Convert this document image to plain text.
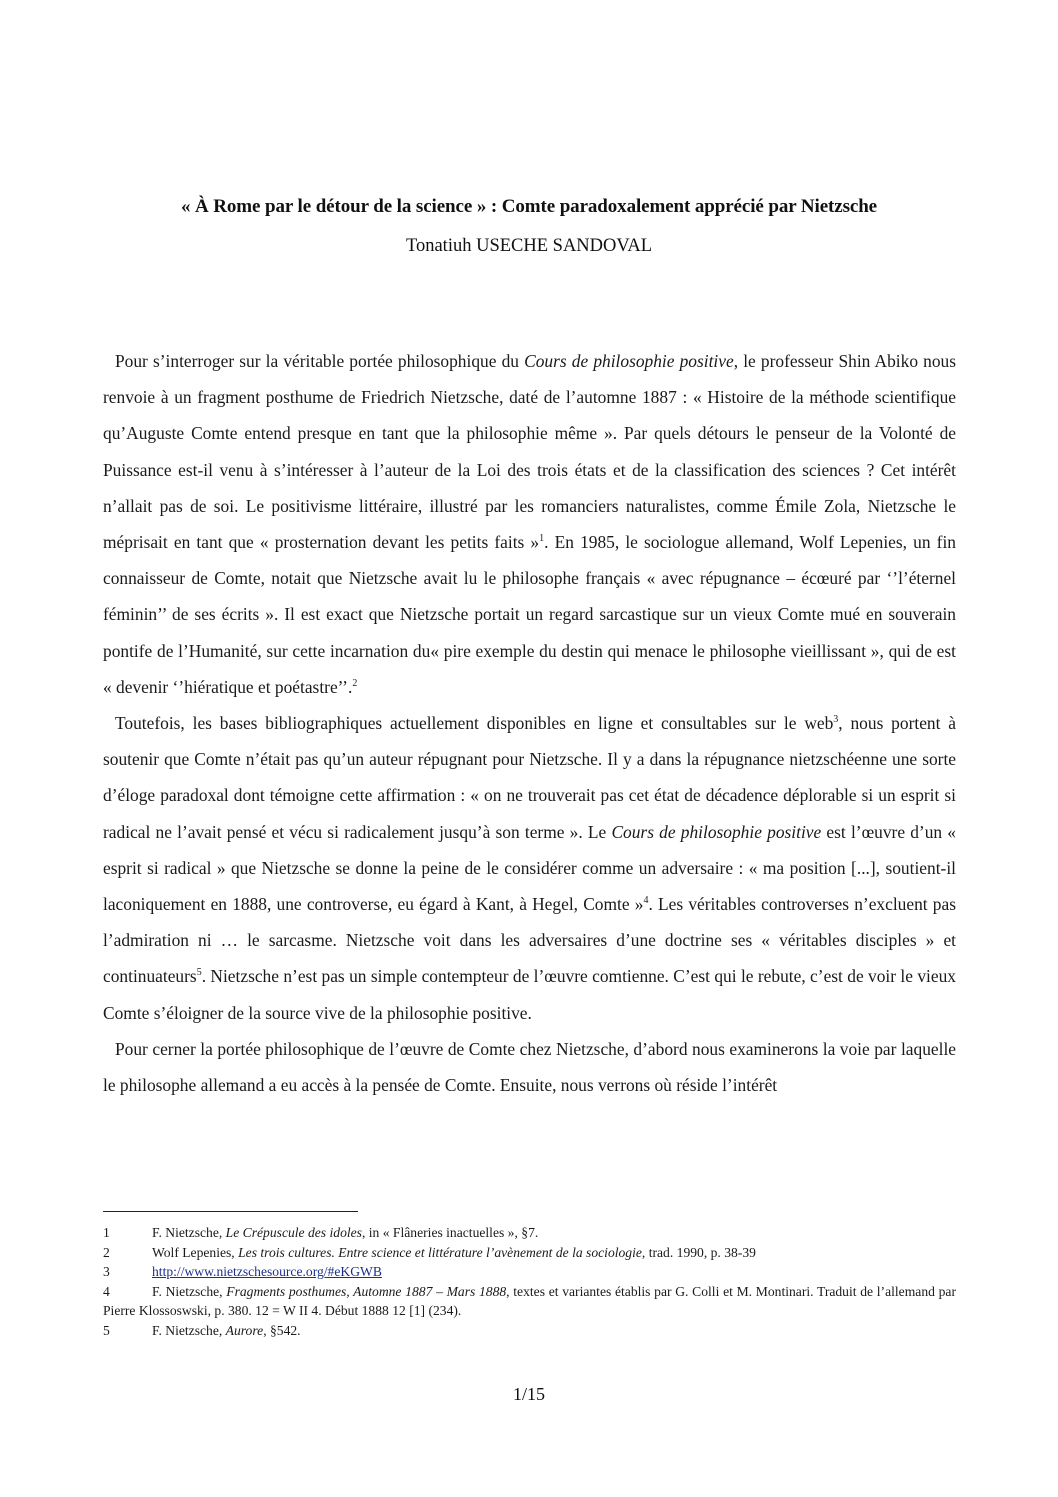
« À Rome par le détour de la science » : Comte paradoxalement apprécié par Nietzsche
Tonatiuh USECHE SANDOVAL

Pour s’interroger sur la véritable portée philosophique du Cours de philosophie positive, le professeur Shin Abiko nous renvoie à un fragment posthume de Friedrich Nietzsche, daté de l’automne 1887 : « Histoire de la méthode scientifique qu’Auguste Comte entend presque en tant que la philosophie même ». Par quels détours le penseur de la Volonté de Puissance est-il venu à s’intéresser à l’auteur de la Loi des trois états et de la classification des sciences ? Cet intérêt n’allait pas de soi. Le positivisme littéraire, illustré par les romanciers naturalistes, comme Émile Zola, Nietzsche le méprisait en tant que « prosternation devant les petits faits »$^1$. En 1985, le sociologue allemand, Wolf Lepenies, un fin connaisseur de Comte, notait que Nietzsche avait lu le philosophe français « avec répugnance – écœuré par ‘’l’éternel féminin’’ de ses écrits ». Il est exact que Nietzsche portait un regard sarcastique sur un vieux Comte mué en souverain pontife de l’Humanité, sur cette incarnation du« pire exemple du destin qui menace le philosophe vieillissant », qui de est « devenir ‘’hiératique et poétastre’’.$^2$

Toutefois, les bases bibliographiques actuellement disponibles en ligne et consultables sur le web$^3$, nous portent à soutenir que Comte n’était pas qu’un auteur répugnant pour Nietzsche. Il y a dans la répugnance nietzschéenne une sorte d’éloge paradoxal dont témoigne cette affirmation : « on ne trouverait pas cet état de décadence déplorable si un esprit si radical ne l’avait pensé et vécu si radicalement jusqu’à son terme ». Le Cours de philosophie positive est l’œuvre d’un « esprit si radical » que Nietzsche se donne la peine de le considérer comme un adversaire : « ma position [...], soutient-il laconiquement en 1888, une controverse, eu égard à Kant, à Hegel, Comte »$^4$. Les véritables controverses n’excluent pas l’admiration ni … le sarcasme. Nietzsche voit dans les adversaires d’une doctrine ses « véritables disciples » et continuateurs$^5$. Nietzsche n’est pas un simple contempteur de l’œuvre comtienne. C’est qui le rebute, c’est de voir le vieux Comte s’éloigner de la source vive de la philosophie positive.

Pour cerner la portée philosophique de l’œuvre de Comte chez Nietzsche, d’abord nous examinerons la voie par laquelle le philosophe allemand a eu accès à la pensée de Comte. Ensuite, nous verrons où réside l’intérêt

1	F. Nietzsche, Le Crépuscule des idoles, in « Flâneries inactuelles », §7.

2	Wolf Lepenies, Les trois cultures. Entre science et littérature l’avènement de la sociologie, trad. 1990, p. 38-39

3	http://www.nietzschesource.org/#eKGWB

4	F. Nietzsche, Fragments posthumes, Automne 1887 – Mars 1888, textes et variantes établis par G. Colli et M. Montinari. Traduit de l’allemand par Pierre Klossoswski, p. 380. 12 = W II 4. Début 1888 12 [1] (234).

5	F. Nietzsche, Aurore, §542.

1/15
